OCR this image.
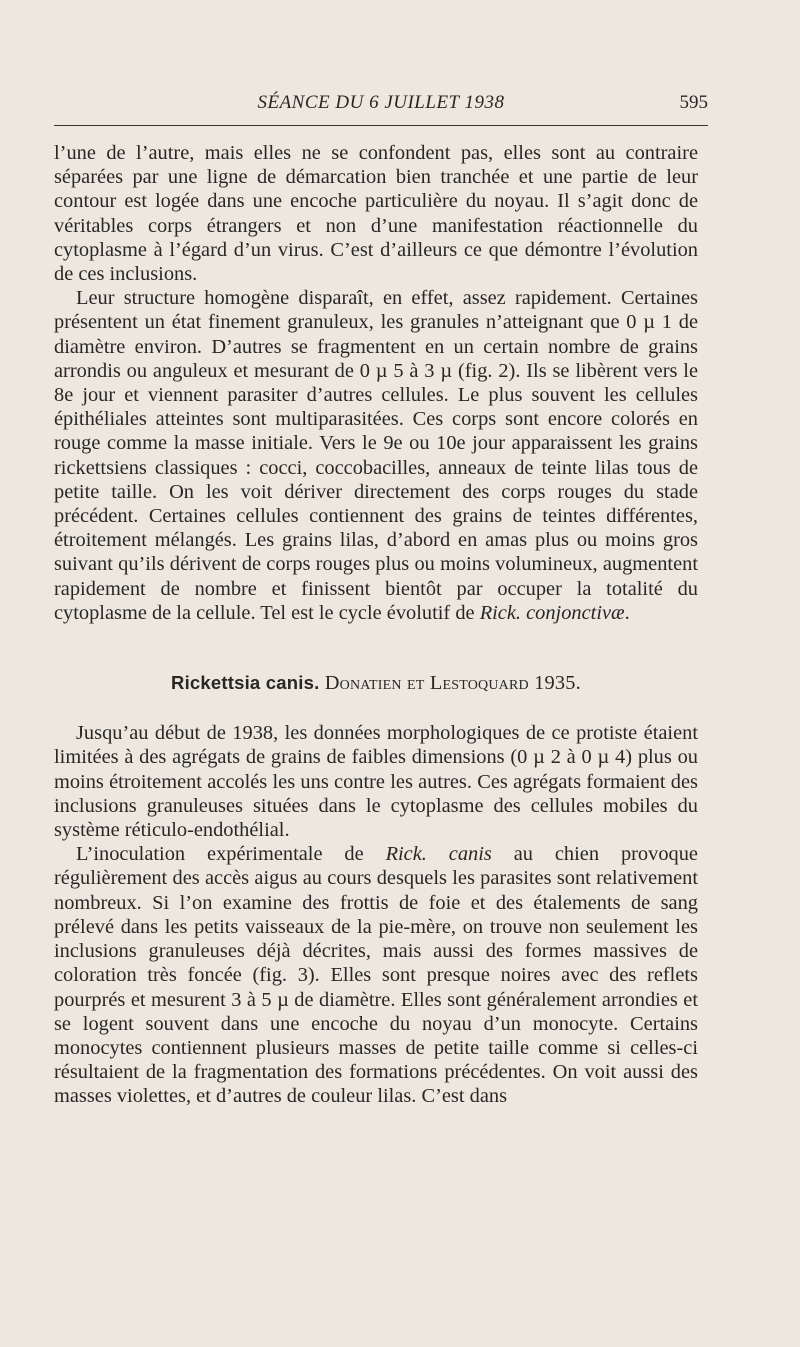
SÉANCE DU 6 JUILLET 1938	595

l’une de l’autre, mais elles ne se confondent pas, elles sont au contraire séparées par une ligne de démarcation bien tranchée et une partie de leur contour est logée dans une encoche particulière du noyau. Il s’agit donc de véritables corps étrangers et non d’une manifestation réactionnelle du cytoplasme à l’égard d’un virus. C’est d’ailleurs ce que démontre l’évolution de ces inclusions.

Leur structure homogène disparaît, en effet, assez rapidement. Certaines présentent un état finement granuleux, les granules n’atteignant que 0 µ 1 de diamètre environ. D’autres se fragmentent en un certain nombre de grains arrondis ou anguleux et mesurant de 0 µ 5 à 3 µ (fig. 2). Ils se libèrent vers le 8e jour et viennent parasiter d’autres cellules. Le plus souvent les cellules épithéliales atteintes sont multiparasitées. Ces corps sont encore colorés en rouge comme la masse initiale. Vers le 9e ou 10e jour apparaissent les grains rickettsiens classiques : cocci, coccobacilles, anneaux de teinte lilas tous de petite taille. On les voit dériver directement des corps rouges du stade précédent. Certaines cellules contiennent des grains de teintes différentes, étroitement mélangés. Les grains lilas, d’abord en amas plus ou moins gros suivant qu’ils dérivent de corps rouges plus ou moins volumineux, augmentent rapidement de nombre et finissent bientôt par occuper la totalité du cytoplasme de la cellule. Tel est le cycle évolutif de Rick. conjonctivæ.

Rickettsia canis. Donatien et Lestoquard 1935.

Jusqu’au début de 1938, les données morphologiques de ce protiste étaient limitées à des agrégats de grains de faibles dimensions (0 µ 2 à 0 µ 4) plus ou moins étroitement accolés les uns contre les autres. Ces agrégats formaient des inclusions granuleuses situées dans le cytoplasme des cellules mobiles du système réticulo-endothélial.

L’inoculation expérimentale de Rick. canis au chien provoque régulièrement des accès aigus au cours desquels les parasites sont relativement nombreux. Si l’on examine des frottis de foie et des étalements de sang prélevé dans les petits vaisseaux de la pie-mère, on trouve non seulement les inclusions granuleuses déjà décrites, mais aussi des formes massives de coloration très foncée (fig. 3). Elles sont presque noires avec des reflets pourprés et mesurent 3 à 5 µ de diamètre. Elles sont généralement arrondies et se logent souvent dans une encoche du noyau d’un monocyte. Certains monocytes contiennent plusieurs masses de petite taille comme si celles-ci résultaient de la fragmentation des formations précédentes. On voit aussi des masses violettes, et d’autres de couleur lilas. C’est dans
